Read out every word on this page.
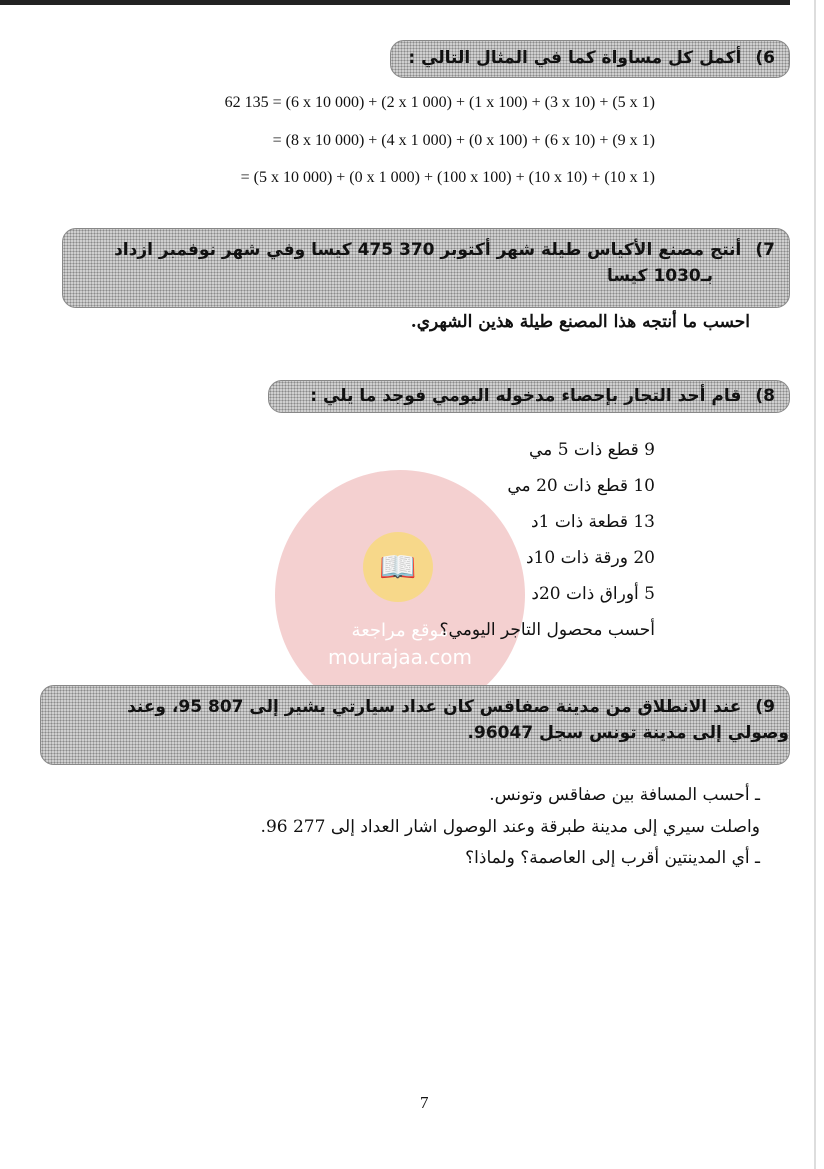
6)أكمل كل مساواة كما في المثال التالي :
62 135 = (6 x 10 000) + (2 x 1 000) + (1 x 100) + (3 x 10) + (5 x 1)
= (8 x 10 000) + (4 x 1 000) + (0 x 100) + (6 x 10) + (9 x 1)
= (5 x 10 000) + (0 x 1 000) + (100 x 100) + (10 x 10) + (10 x 1)
7)أنتج مصنع الأكياس طيلة شهر أكتوبر 370 475 كيسا وفي شهر نوفمبر ازداد
بـ1030 كيسا
احسب ما أنتجه هذا المصنع طيلة هذين الشهري.
8)قام أحد التجار بإحصاء مدخوله اليومي فوجد ما يلي :
📖
موقع مراجعة
mourajaa.com
9 قطع ذات 5 مي
10 قطع ذات 20 مي
13 قطعة ذات 1د
20 ورقة ذات 10د
5 أوراق ذات 20د
أحسب محصول التاجر اليومي؟
9)عند الانطلاق من مدينة صفاقس كان عداد سيارتي يشير إلى 807 95، وعند
وصولي إلى مدينة تونس سجل 96047.
ـ أحسب المسافة بين صفاقس وتونس.
واصلت سيري إلى مدينة طبرقة وعند الوصول اشار العداد إلى 277 96.
ـ أي المدينتين أقرب إلى العاصمة؟ ولماذا؟
7
